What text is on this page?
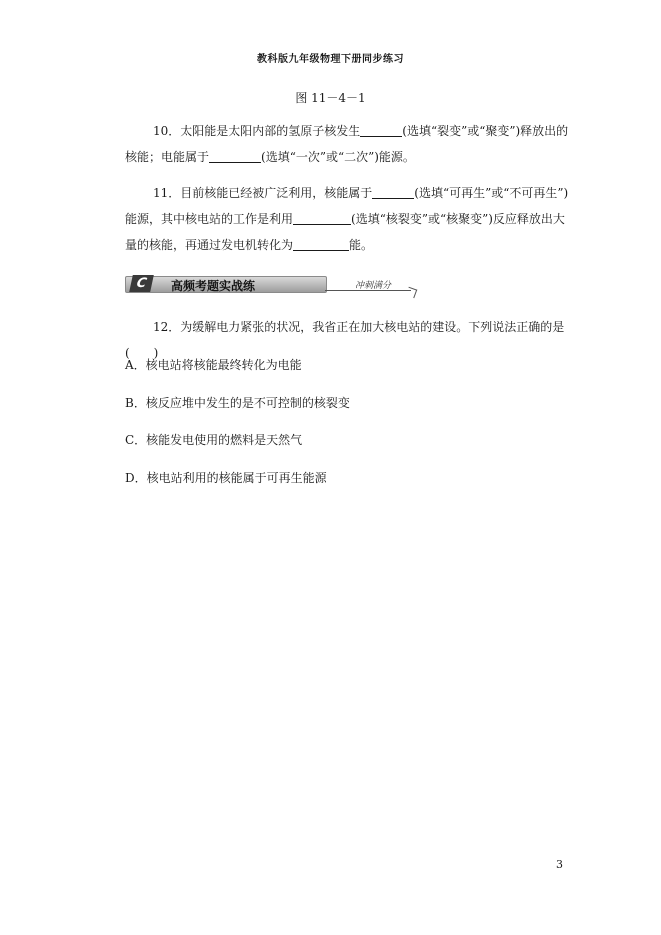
教科版九年级物理下册同步练习
图 11－4－1
10．太阳能是太阳内部的氢原子核发生	(选填“裂变”或“聚变”)释放出的核能；电能属于	(选填“一次”或“二次”)能源。
11．目前核能已经被广泛利用，核能属于	(选填“可再生”或“不可再生”)能源，其中核电站的工作是利用	(选填“核裂变”或“核聚变”)反应释放出大量的核能，再通过发电机转化为	能。
C	高频考题实战练	冲刺满分
12．为缓解电力紧张的状况，我省正在加大核电站的建设。下列说法正确的是(　　)
A．核电站将核能最终转化为电能
B．核反应堆中发生的是不可控制的核裂变
C．核能发电使用的燃料是天然气
D．核电站利用的核能属于可再生能源
3
